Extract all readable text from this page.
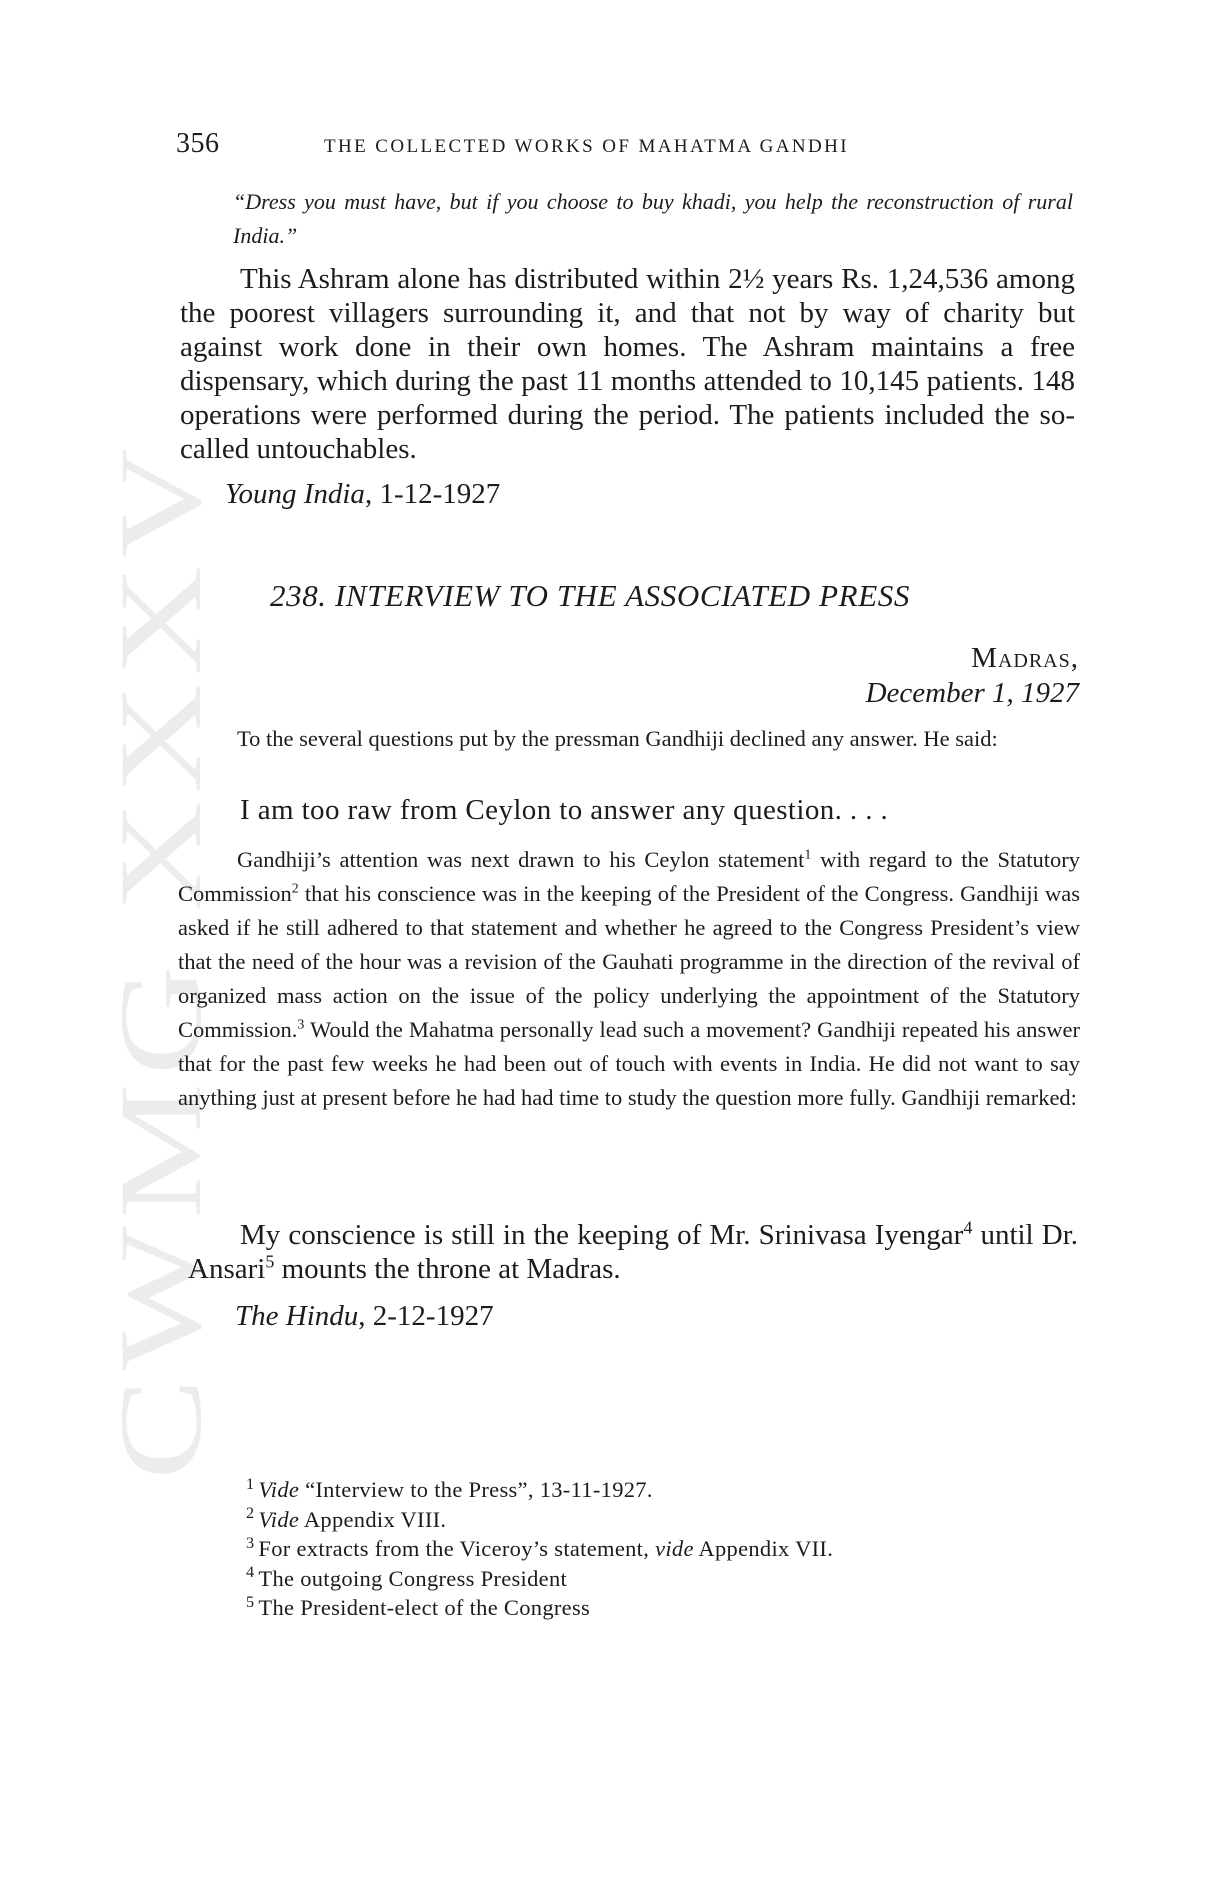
CWMG XXXV
356	THE COLLECTED WORKS OF MAHATMA GANDHI
“Dress you must have, but if you choose to buy khadi, you help the reconstruction of rural India.”
This Ashram alone has distributed within 2½ years Rs. 1,24,536 among the poorest villagers surrounding it, and that not by way of charity but against work done in their own homes. The Ashram maintains a free dispensary, which during the past 11 months attended to 10,145 patients. 148 operations were performed during the period. The patients included the so-called untouchables.
Young India, 1-12-1927
238. INTERVIEW TO THE ASSOCIATED PRESS
Madras,
December 1, 1927
To the several questions put by the pressman Gandhiji declined any answer. He said:
I am too raw from Ceylon to answer any question. . . .
Gandhiji’s attention was next drawn to his Ceylon statement$^1$ with regard to the Statutory Commission$^2$ that his conscience was in the keeping of the President of the Congress. Gandhiji was asked if he still adhered to that statement and whether he agreed to the Congress President’s view that the need of the hour was a revision of the Gauhati programme in the direction of the revival of organized mass action on the issue of the policy underlying the appointment of the Statutory Commission.$^3$ Would the Mahatma personally lead such a movement? Gandhiji repeated his answer that for the past few weeks he had been out of touch with events in India. He did not want to say anything just at present before he had had time to study the question more fully. Gandhiji remarked:
My conscience is still in the keeping of Mr. Srinivasa Iyengar$^4$ until Dr. Ansari$^5$ mounts the throne at Madras.
The Hindu, 2-12-1927
$^1$ Vide “Interview to the Press”, 13-11-1927.
$^2$ Vide Appendix VIII.
$^3$ For extracts from the Viceroy’s statement, vide Appendix VII.
$^4$ The outgoing Congress President
$^5$ The President-elect of the Congress
